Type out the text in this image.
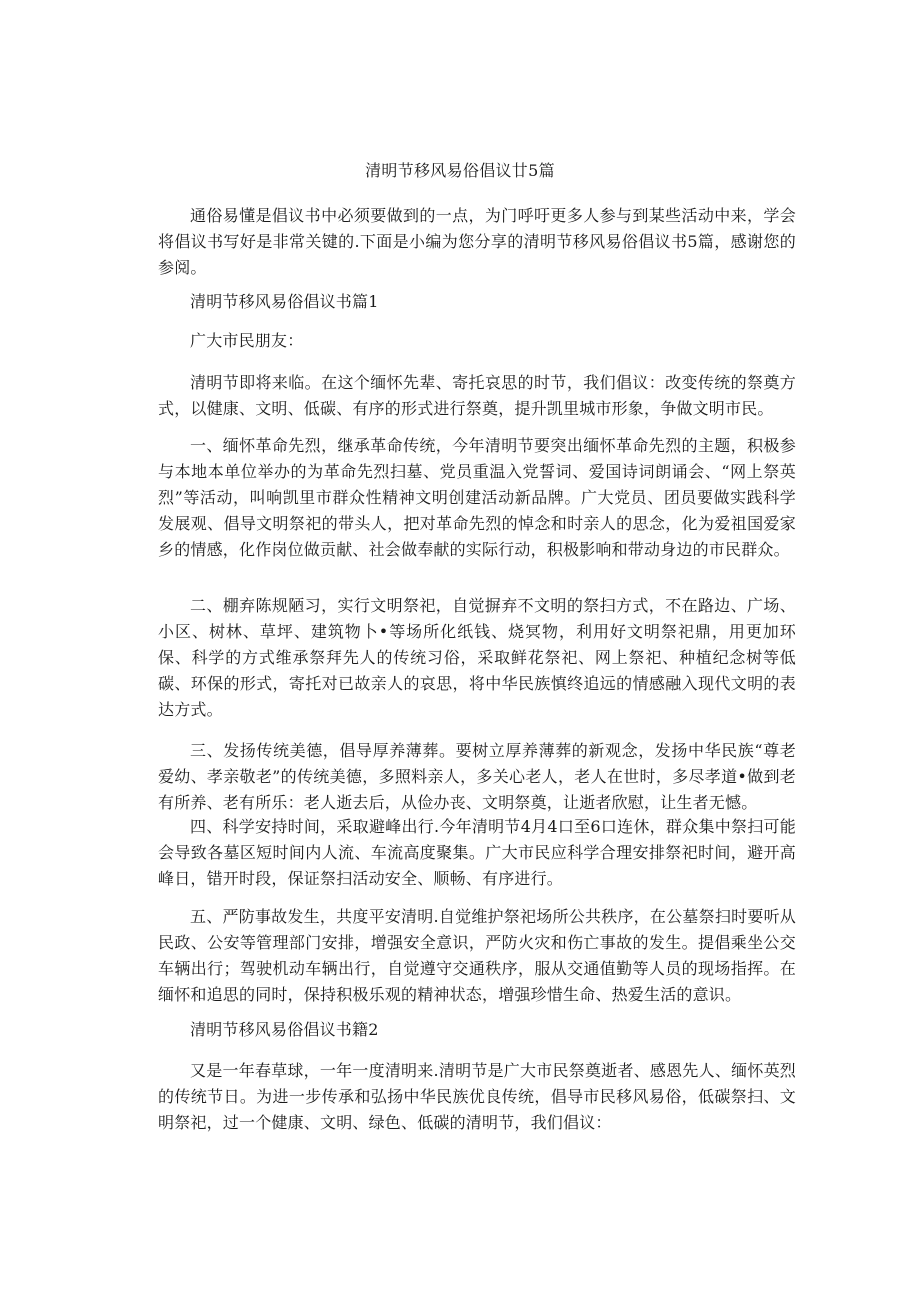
清明节移风易俗倡议廿5篇

通俗易懂是倡议书中必须要做到的一点，为门呼吁更多人参与到某些活动中来，学会将倡议书写好是非常关键的.下面是小编为您分享的清明节移风易俗倡议书5篇，感谢您的参阅。

清明节移风易俗倡议书篇1

广大市民朋友：

清明节即将来临。在这个缅怀先辈、寄托哀思的时节，我们倡议：改变传统的祭奠方式，以健康、文明、低碳、有序的形式进行祭奠，提升凯里城市形象，争做文明市民。

一、缅怀革命先烈，继承革命传统，今年清明节要突出缅怀革命先烈的主题，积极参与本地本单位举办的为革命先烈扫墓、党员重温入党誓词、爱国诗词朗诵会、“网上祭英烈”等活动，叫响凯里市群众性精神文明创建活动新品牌。广大党员、团员要做实践科学发展观、倡导文明祭祀的带头人，把对革命先烈的悼念和时亲人的思念，化为爱祖国爱家乡的情感，化作岗位做贡献、社会做奉献的实际行动，积极影响和带动身边的市民群众。

二、棚弃陈规陋习，实行文明祭祀，自觉摒弃不文明的祭扫方式，不在路边、广场、小区、树林、草坪、建筑物卜•等场所化纸钱、烧冥物，利用好文明祭祀鼎，用更加环保、科学的方式维承祭拜先人的传统习俗，采取鲜花祭祀、网上祭祀、种植纪念树等低碳、环保的形式，寄托对已故亲人的哀思，将中华民族慎终追远的情感融入现代文明的表达方式。

三、发扬传统美德，倡导厚养薄葬。要树立厚养薄葬的新观念，发扬中华民族“尊老爱幼、孝亲敬老”的传统美德，多照料亲人，多关心老人，老人在世时，多尽孝道•做到老有所养、老有所乐：老人逝去后，从俭办丧、文明祭奠，让逝者欣慰，让生者无憾。

四、科学安持时间，采取避峰出行.今年清明节4月4口至6口连休，群众集中祭扫可能会导致各墓区短时间内人流、车流高度聚集。广大市民应科学合理安排祭祀时间，避开高峰日，错开时段，保证祭扫活动安全、顺畅、有序进行。

五、严防事故发生，共度平安清明.自觉维护祭祀场所公共秩序，在公墓祭扫时要听从民政、公安等管理部门安排，增强安全意识，严防火灾和伤亡事故的发生。提倡乘坐公交车辆出行；驾驶机动车辆出行，自觉遵守交通秩序，服从交通值勤等人员的现场指挥。在缅怀和追思的同时，保持积极乐观的精神状态，增强珍惜生命、热爱生活的意识。

清明节移风易俗倡议书籍2

又是一年春草球，一年一度清明来.清明节是广大市民祭奠逝者、感恩先人、缅怀英烈的传统节日。为进一步传承和弘扬中华民族优良传统，倡导市民移风易俗，低碳祭扫、文明祭祀，过一个健康、文明、绿色、低碳的清明节，我们倡议：
